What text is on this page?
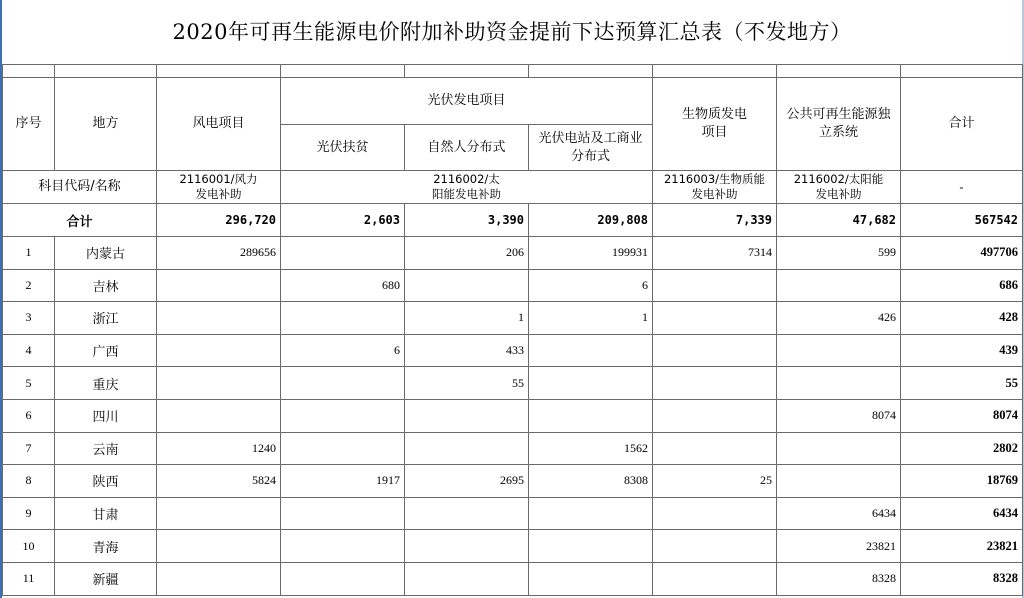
2020年可再生能源电价附加补助资金提前下达预算汇总表（不发地方）

序号	地方	风电项目	光伏发电项目			生物质发电项目	公共可再生能源独立系统	合计
			光伏扶贫	自然人分布式	光伏电站及工商业分布式			
科目代码/名称		2116001/风力发电补助	2116002/太阳能发电补助			2116003/生物质能发电补助	2116002/太阳能发电补助	-
合计		296,720	2,603	3,390	209,808	7,339	47,682	567542
1	内蒙古	289656		206	199931	7314	599	497706
2	吉林		680		6			686
3	浙江			1	1		426	428
4	广西		6	433				439
5	重庆			55				55
6	四川						8074	8074
7	云南	1240			1562			2802
8	陕西	5824	1917	2695	8308	25		18769
9	甘肃						6434	6434
10	青海						23821	23821
11	新疆						8328	8328
